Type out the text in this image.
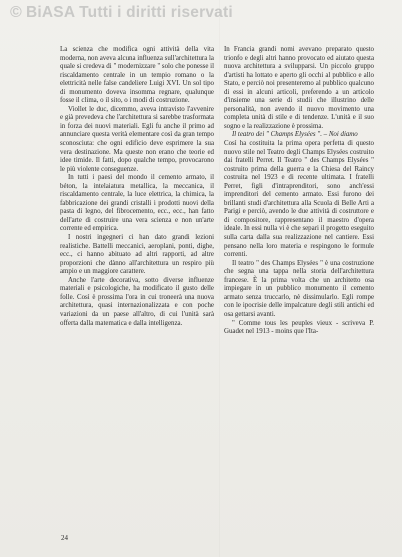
© BiASA Tutti i diritti riservati

La scienza che modifica ogni attività della vita moderna, non aveva alcuna influenza sull'architettura la quale si credeva di " modernizzare " solo che ponesse il riscaldamento centrale in un tempio romano o la elettricità nelle false candeliere Luigi XVI. Un sol tipo di monumento doveva insomma regnare, qualunque fosse il clima, o il sito, o i modi di costruzione.

Viollet le duc, dicemmo, aveva intravisto l'avvenire e già prevedeva che l'architettura si sarebbe trasformata in forza dei nuovi materiali. Egli fu anche il primo ad annunciare questa verità elementare così da gran tempo sconosciuta: che ogni edificio deve esprimere la sua vera destinazione. Ma queste non erano che teorie ed idee timide. Il fatti, dopo qualche tempo, provocarono le più violente conseguenze.

In tutti i paesi del mondo il cemento armato, il béton, la intelaiatura metallica, la meccanica, il riscaldamento centrale, la luce elettrica, la chimica, la fabbricazione dei grandi cristalli i prodotti nuovi della pasta di legno, del fibrocemento, ecc., ecc., han fatto dell'arte di costruire una vera scienza e non un'arte corrente ed empirica.

I nostri ingegneri ci han dato grandi lezioni realistiche. Battelli meccanici, aeroplani, ponti, dighe, ecc., ci hanno abituato ad altri rapporti, ad altre proporzioni che dànno all'architettura un respiro più ampio e un maggiore carattere.

Anche l'arte decorativa, sotto diverse influenze materiali e psicologiche, ha modificato il gusto delle folle. Così è prossima l'ora in cui troneerà una nuova architettura, quasi internazionalizzata e con poche variazioni da un paese all'altro, di cui l'unità sarà offerta dalla matematica e dalla intelligenza.

In Francia grandi nomi avevano preparato questo trionfo e degli altri hanno provocato ed aiutato questa nuova architettura a svilupparsi. Un piccolo gruppo d'artisti ha lottato e aperto gli occhi al pubblico e allo Stato, e perciò noi presenteremo al pubblico qualcuno di essi in alcuni articoli, preferendo a un articolo d'insieme una serie di studii che illustrino delle personalità, non avendo il nuovo movimento una completa unità di stile e di tendenze. L'unità e il suo sogno e la realizzazione è prossima.

Il teatro dei " Champs Elysées ". – Noi diamo

Così ha costituita la prima opera perfetta di questo nuovo stile nel Teatro degli Champs Elysées costruito dai fratelli Perret. Il Teatro " des Champs Elysées " costruito prima della guerra e la Chiesa del Raincy costruita nel 1923 e di recente ultimata. I fratelli Perret, figli d'intraprenditori, sono anch'essi imprenditori del cemento armato. Essi furono dei brillanti studi d'architettura alla Scuola di Belle Arti a Parigi e perciò, avendo le due attività di costruttore e di compositore, rappresentano il maestro d'opera ideale. In essi nulla vi è che separi il progetto eseguito sulla carta dalla sua realizzazione nel cantiere. Essi pensano nella loro materia e respingono le formule correnti.

Il teatro " des Champs Elysées " è una costruzione che segna una tappa nella storia dell'architettura francese. È la prima volta che un architetto osa impiegare in un pubblico monumento il cemento armato senza truccarlo, nè dissimularlo. Egli rompe con le ipocrisie delle impalcature degli stili antichi ed osa gettarsi avanti.

" Comme tous les peuples vieux - scriveva P. Guadet nel 1913 - moins que l'Ita-

24
